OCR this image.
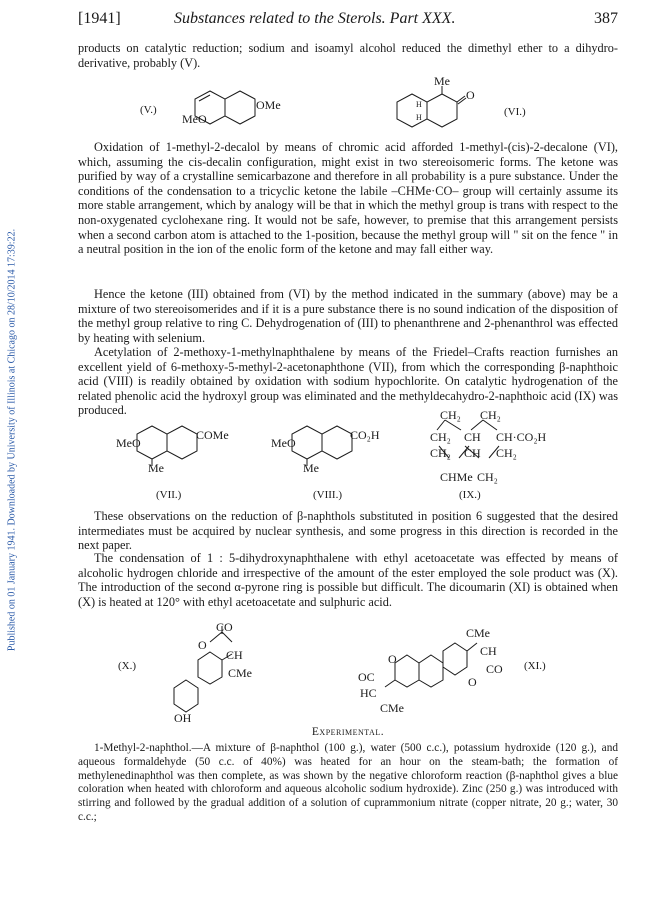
Published on 01 January 1941. Downloaded by University of Illinois at Chicago on 28/10/2014 17:39:22.
[1941]	Substances related to the Sterols. Part XXX.	387
products on catalytic reduction; sodium and isoamyl alcohol reduced the dimethyl ether to a dihydro-derivative, probably (V).
(V.)
MeO
OMe
Me
O
H
H	(VI.)
Oxidation of 1-methyl-2-decalol by means of chromic acid afforded 1-methyl-(cis)-2-decalone (VI), which, assuming the cis-decalin configuration, might exist in two stereoisomeric forms. The ketone was purified by way of a crystalline semicarbazone and therefore in all probability is a pure substance. Under the conditions of the condensation to a tricyclic ketone the labile –CHMe·CO– group will certainly assume its more stable arrangement, which by analogy will be that in which the methyl group is trans with respect to the non-oxygenated cyclohexane ring. It would not be safe, however, to premise that this arrangement persists when a second carbon atom is attached to the 1-position, because the methyl group will " sit on the fence " in a neutral position in the ion of the enolic form of the ketone and may fall either way.
Hence the ketone (III) obtained from (VI) by the method indicated in the summary (above) may be a mixture of two stereoisomerides and if it is a pure substance there is no sound indication of the disposition of the methyl group relative to ring C. Dehydrogenation of (III) to phenanthrene and 2-phenanthrol was effected by heating with selenium.
Acetylation of 2-methoxy-1-methylnaphthalene by means of the Friedel–Crafts reaction furnishes an excellent yield of 6-methoxy-5-methyl-2-acetonaphthone (VII), from which the corresponding β-naphthoic acid (VIII) is readily obtained by oxidation with sodium hypochlorite. On catalytic hydrogenation of the related phenolic acid the hydroxyl group was eliminated and the methyldecahydro-2-naphthoic acid (IX) was produced.
MeO
COMe
Me
(VII.)
MeO
CO₂H
Me
(VIII.)
CH₂ CH₂
CH₂ CH CH·CO₂H
CH₂ CH CH₂
CHMe CH₂
(IX.)
These observations on the reduction of β-naphthols substituted in position 6 suggested that the desired intermediates must be acquired by nuclear synthesis, and some progress in this direction is recorded in the next paper.
The condensation of 1 : 5-dihydroxynaphthalene with ethyl acetoacetate was effected by means of alcoholic hydrogen chloride and irrespective of the amount of the ester employed the sole product was (X). The introduction of the second α-pyrone ring is possible but difficult. The dicoumarin (XI) is obtained when (X) is heated at 120° with ethyl acetoacetate and sulphuric acid.
(X.)
CO
O
CH
CMe
OH
CMe
CH
CO
O
O
OC
HC
CMe
(XI.)
Experimental.
1-Methyl-2-naphthol.—A mixture of β-naphthol (100 g.), water (500 c.c.), potassium hydroxide (120 g.), and aqueous formaldehyde (50 c.c. of 40%) was heated for an hour on the steam-bath; the formation of methylenedinaphthol was then complete, as was shown by the negative chloroform reaction (β-naphthol gives a blue coloration when heated with chloroform and aqueous alcoholic sodium hydroxide). Zinc (250 g.) was introduced with stirring and followed by the gradual addition of a solution of cuprammonium nitrate (copper nitrate, 20 g.; water, 30 c.c.;
